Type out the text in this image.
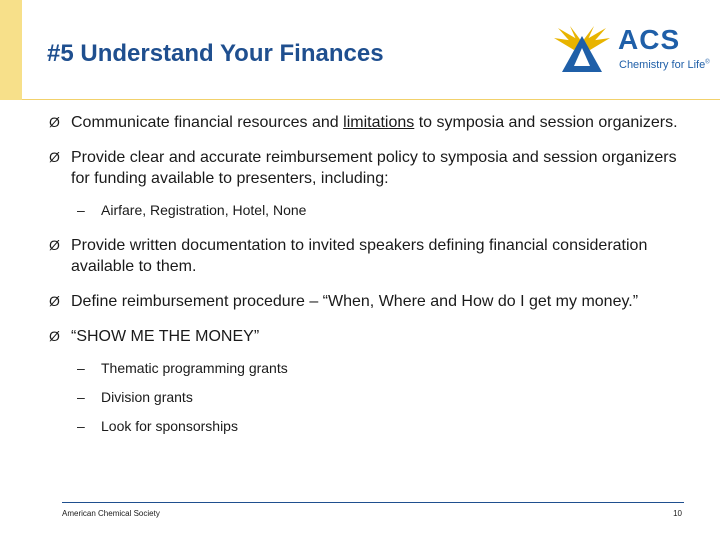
#5 Understand Your Finances	ACS
Chemistry for Life®
Ø Communicate financial resources and limitations to symposia and session organizers.
Ø Provide clear and accurate reimbursement policy to symposia and session organizers for funding available to presenters, including:
– Airfare, Registration, Hotel, None
Ø Provide written documentation to invited speakers defining financial consideration available to them.
Ø Define reimbursement procedure – “When, Where and How do I get my money.”
Ø “SHOW ME THE MONEY”
– Thematic programming grants
– Division grants
– Look for sponsorships
American Chemical Society	10
